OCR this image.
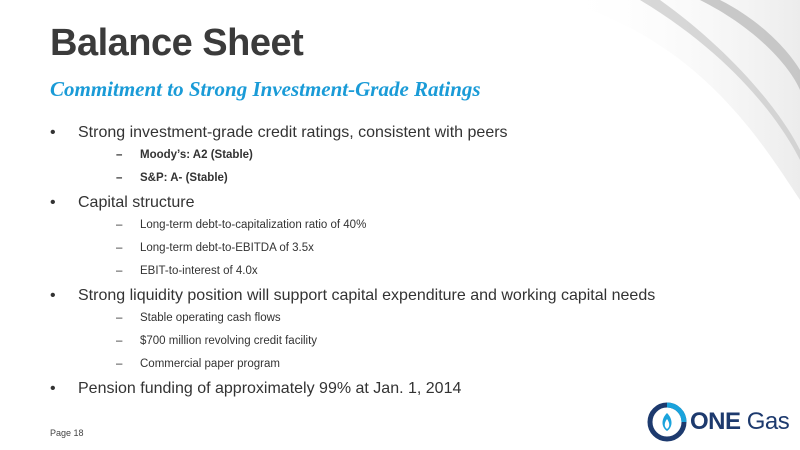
Balance Sheet
Commitment to Strong Investment-Grade Ratings
•	Strong investment-grade credit ratings, consistent with peers
– Moody’s: A2 (Stable)
– S&P: A- (Stable)
•	Capital structure
– Long-term debt-to-capitalization ratio of 40%
– Long-term debt-to-EBITDA of 3.5x
– EBIT-to-interest of 4.0x
•	Strong liquidity position will support capital expenditure and working capital needs
– Stable operating cash flows
– $700 million revolving credit facility
– Commercial paper program
•	Pension funding of approximately 99% at Jan. 1, 2014
Page 18	ONE Gas
